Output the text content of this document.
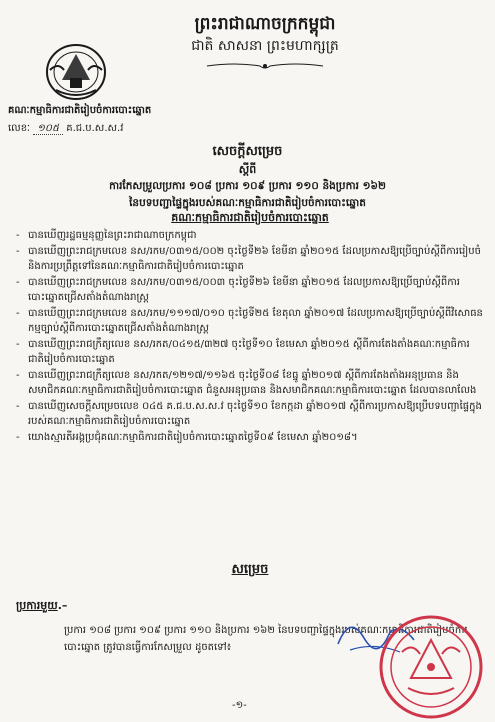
ព្រះរាជាណាចក្រកម្ពុជា
ជាតិ សាសនា ព្រះមហាក្សត្រ
គណៈកម្មាធិការជាតិរៀបចំការបោះឆ្នោត
លេខៈ ១០៥ គ.ជ.ប.ស.ស.វ
សេចក្តីសម្រេច
ស្តីពី
ការកែសម្រួលប្រការ ១០៨ ប្រការ ១០៩ ប្រការ ១១០ និងប្រការ ១៦២
នៃបទបញ្ជាផ្ទៃក្នុងរបស់គណៈកម្មាធិការជាតិរៀបចំការបោះឆ្នោត
គណៈកម្មាធិការជាតិរៀបចំការបោះឆ្នោត
- បានឃើញរដ្ឋធម្មនុញ្ញនៃព្រះរាជាណាចក្រកម្ពុជា
- បានឃើញព្រះរាជក្រមលេខ នស/រកម/០៣១៥/០០២ ចុះថ្ងៃទី២៦ ខែមីនា ឆ្នាំ២០១៥ ដែលប្រកាសឱ្យប្រើច្បាប់ស្តីពីការរៀបចំ និងការប្រព្រឹត្តទៅនៃគណៈកម្មាធិការជាតិរៀបចំការបោះឆ្នោត
- បានឃើញព្រះរាជក្រមលេខ នស/រកម/០៣១៥/០០៣ ចុះថ្ងៃទី២៦ ខែមីនា ឆ្នាំ២០១៥ ដែលប្រកាសឱ្យប្រើច្បាប់ស្តីពីការបោះឆ្នោតជ្រើសតាំងតំណាងរាស្ត្រ
- បានឃើញព្រះរាជក្រមលេខ នស/រកម/១១១៧/០១០ ចុះថ្ងៃទី២៥ ខែតុលា ឆ្នាំ២០១៧ ដែលប្រកាសឱ្យប្រើច្បាប់ស្តីពីវិសោធនកម្មច្បាប់ស្តីពីការបោះឆ្នោតជ្រើសតាំងតំណាងរាស្ត្រ
- បានឃើញព្រះរាជក្រឹត្យលេខ នស/រកត/០៤១៥/៣២៧ ចុះថ្ងៃទី១០ ខែមេសា ឆ្នាំ២០១៥ ស្តីពីការតែងតាំងគណៈកម្មាធិការជាតិរៀបចំការបោះឆ្នោត
- បានឃើញព្រះរាជក្រឹត្យលេខ នស/រកត/១២១៧/១១៦៥ ចុះថ្ងៃទី០៨ ខែធ្នូ ឆ្នាំ២០១៧ ស្តីពីការតែងតាំងអនុប្រធាន និងសមាជិកគណៈកម្មាធិការជាតិរៀបចំការបោះឆ្នោត ជំនួសអនុប្រធាន និងសមាជិកគណៈកម្មាធិការបោះឆ្នោត ដែលបានលាលែង
- បានឃើញសេចក្តីសម្រេចលេខ ០៤៥ គ.ជ.ប.ស.ស.វ ចុះថ្ងៃទី១០ ខែកក្កដា ឆ្នាំ២០១៧ ស្តីពីការប្រកាសឱ្យប្រើបទបញ្ជាផ្ទៃក្នុងរបស់គណៈកម្មាធិការជាតិរៀបចំការបោះឆ្នោត
- យោងស្មារតីអង្គប្រជុំគណៈកម្មាធិការជាតិរៀបចំការបោះឆ្នោតថ្ងៃទី០៩ ខែមេសា ឆ្នាំ២០១៨។
សម្រេច
ប្រការមួយ.–
ប្រការ ១០៨ ប្រការ ១០៩ ប្រការ ១១០ និងប្រការ ១៦២ នៃបទបញ្ជាផ្ទៃក្នុងរបស់គណៈកម្មាធិការជាតិរៀបចំការបោះឆ្នោត ត្រូវបានធ្វើការកែសម្រួល ដូចតទៅ៖
-១-
